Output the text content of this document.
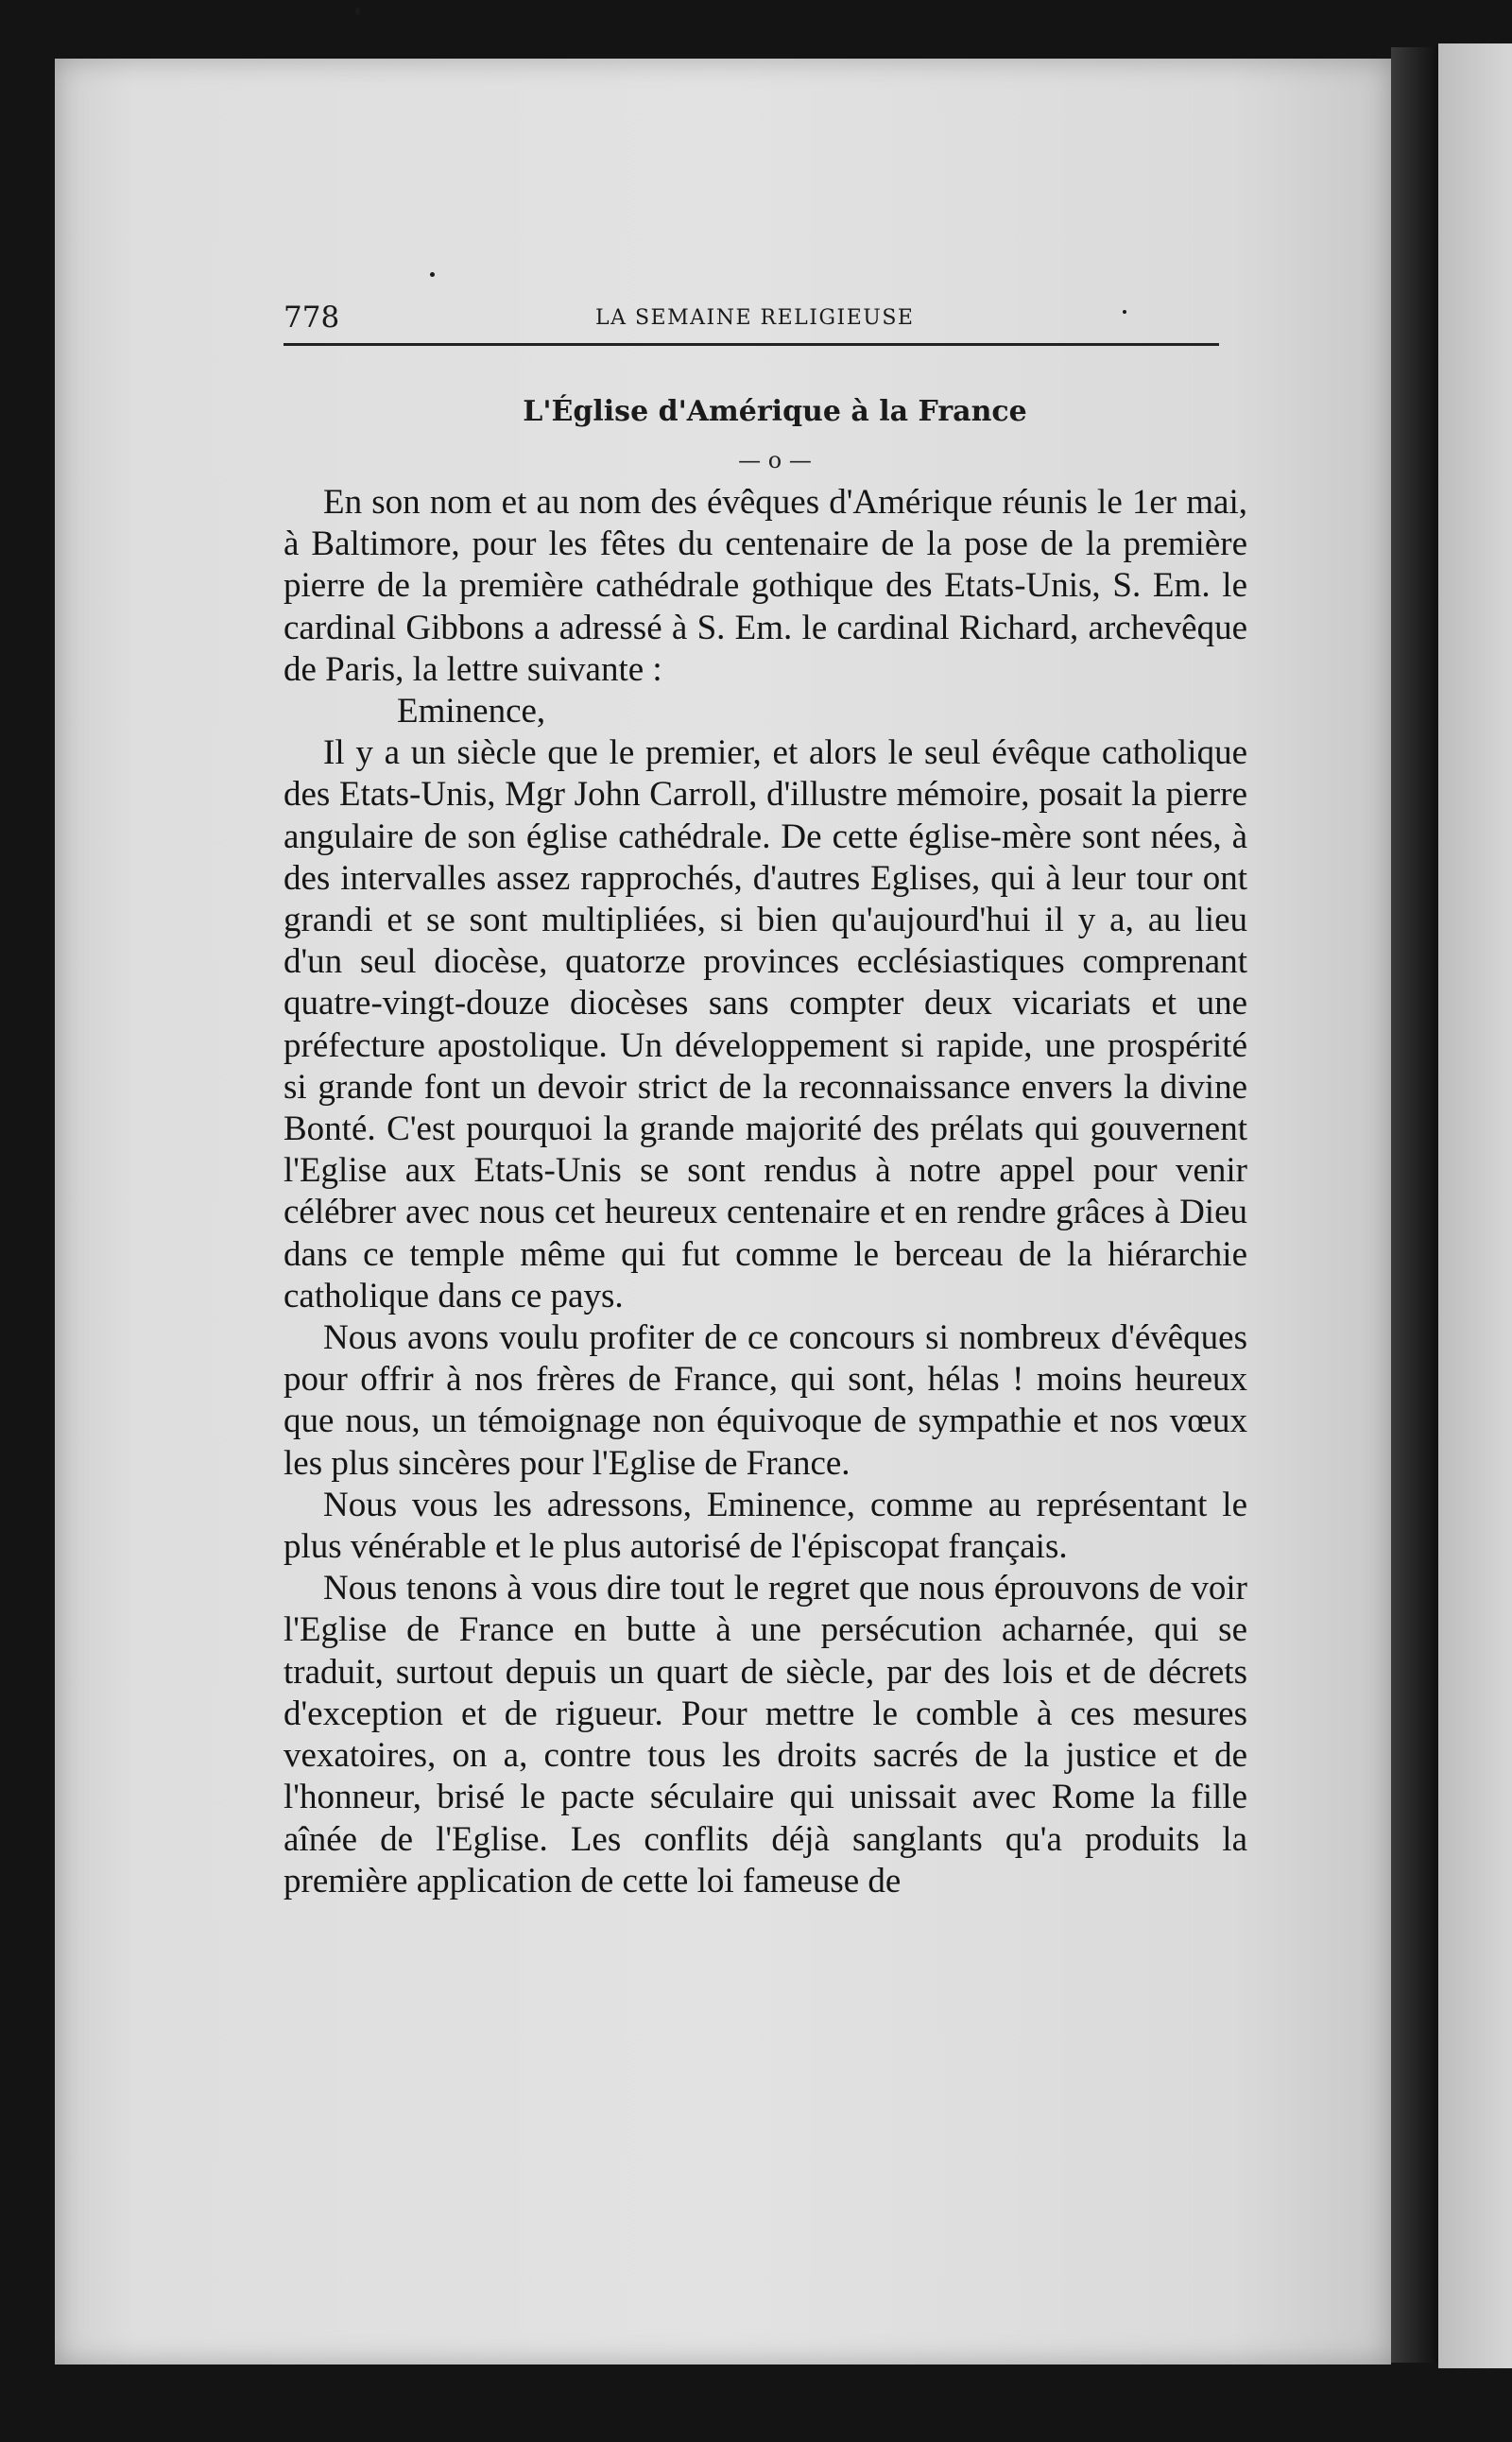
778	LA SEMAINE RELIGIEUSE
L'Église d'Amérique à la France
— o —

En son nom et au nom des évêques d'Amérique réunis le 1er mai, à Baltimore, pour les fêtes du centenaire de la pose de la première pierre de la première cathédrale gothique des Etats-Unis, S. Em. le cardinal Gibbons a adressé à S. Em. le cardinal Richard, archevêque de Paris, la lettre suivante :

Eminence,

Il y a un siècle que le premier, et alors le seul évêque catholique des Etats-Unis, Mgr John Carroll, d'illustre mémoire, posait la pierre angulaire de son église cathédrale. De cette église-mère sont nées, à des intervalles assez rapprochés, d'autres Eglises, qui à leur tour ont grandi et se sont multipliées, si bien qu'aujourd'hui il y a, au lieu d'un seul diocèse, quatorze provinces ecclésiastiques comprenant quatre-vingt-douze diocèses sans compter deux vicariats et une préfecture apostolique. Un développement si rapide, une prospérité si grande font un devoir strict de la reconnaissance envers la divine Bonté. C'est pourquoi la grande majorité des prélats qui gouvernent l'Eglise aux Etats-Unis se sont rendus à notre appel pour venir célébrer avec nous cet heureux centenaire et en rendre grâces à Dieu dans ce temple même qui fut comme le berceau de la hiérarchie catholique dans ce pays.

Nous avons voulu profiter de ce concours si nombreux d'évêques pour offrir à nos frères de France, qui sont, hélas ! moins heureux que nous, un témoignage non équivoque de sympathie et nos vœux les plus sincères pour l'Eglise de France.

Nous vous les adressons, Eminence, comme au représentant le plus vénérable et le plus autorisé de l'épiscopat français.

Nous tenons à vous dire tout le regret que nous éprouvons de voir l'Eglise de France en butte à une persécution acharnée, qui se traduit, surtout depuis un quart de siècle, par des lois et de décrets d'exception et de rigueur. Pour mettre le comble à ces mesures vexatoires, on a, contre tous les droits sacrés de la justice et de l'honneur, brisé le pacte séculaire qui unissait avec Rome la fille aînée de l'Eglise. Les conflits déjà sanglants qu'a produits la première application de cette loi fameuse de
